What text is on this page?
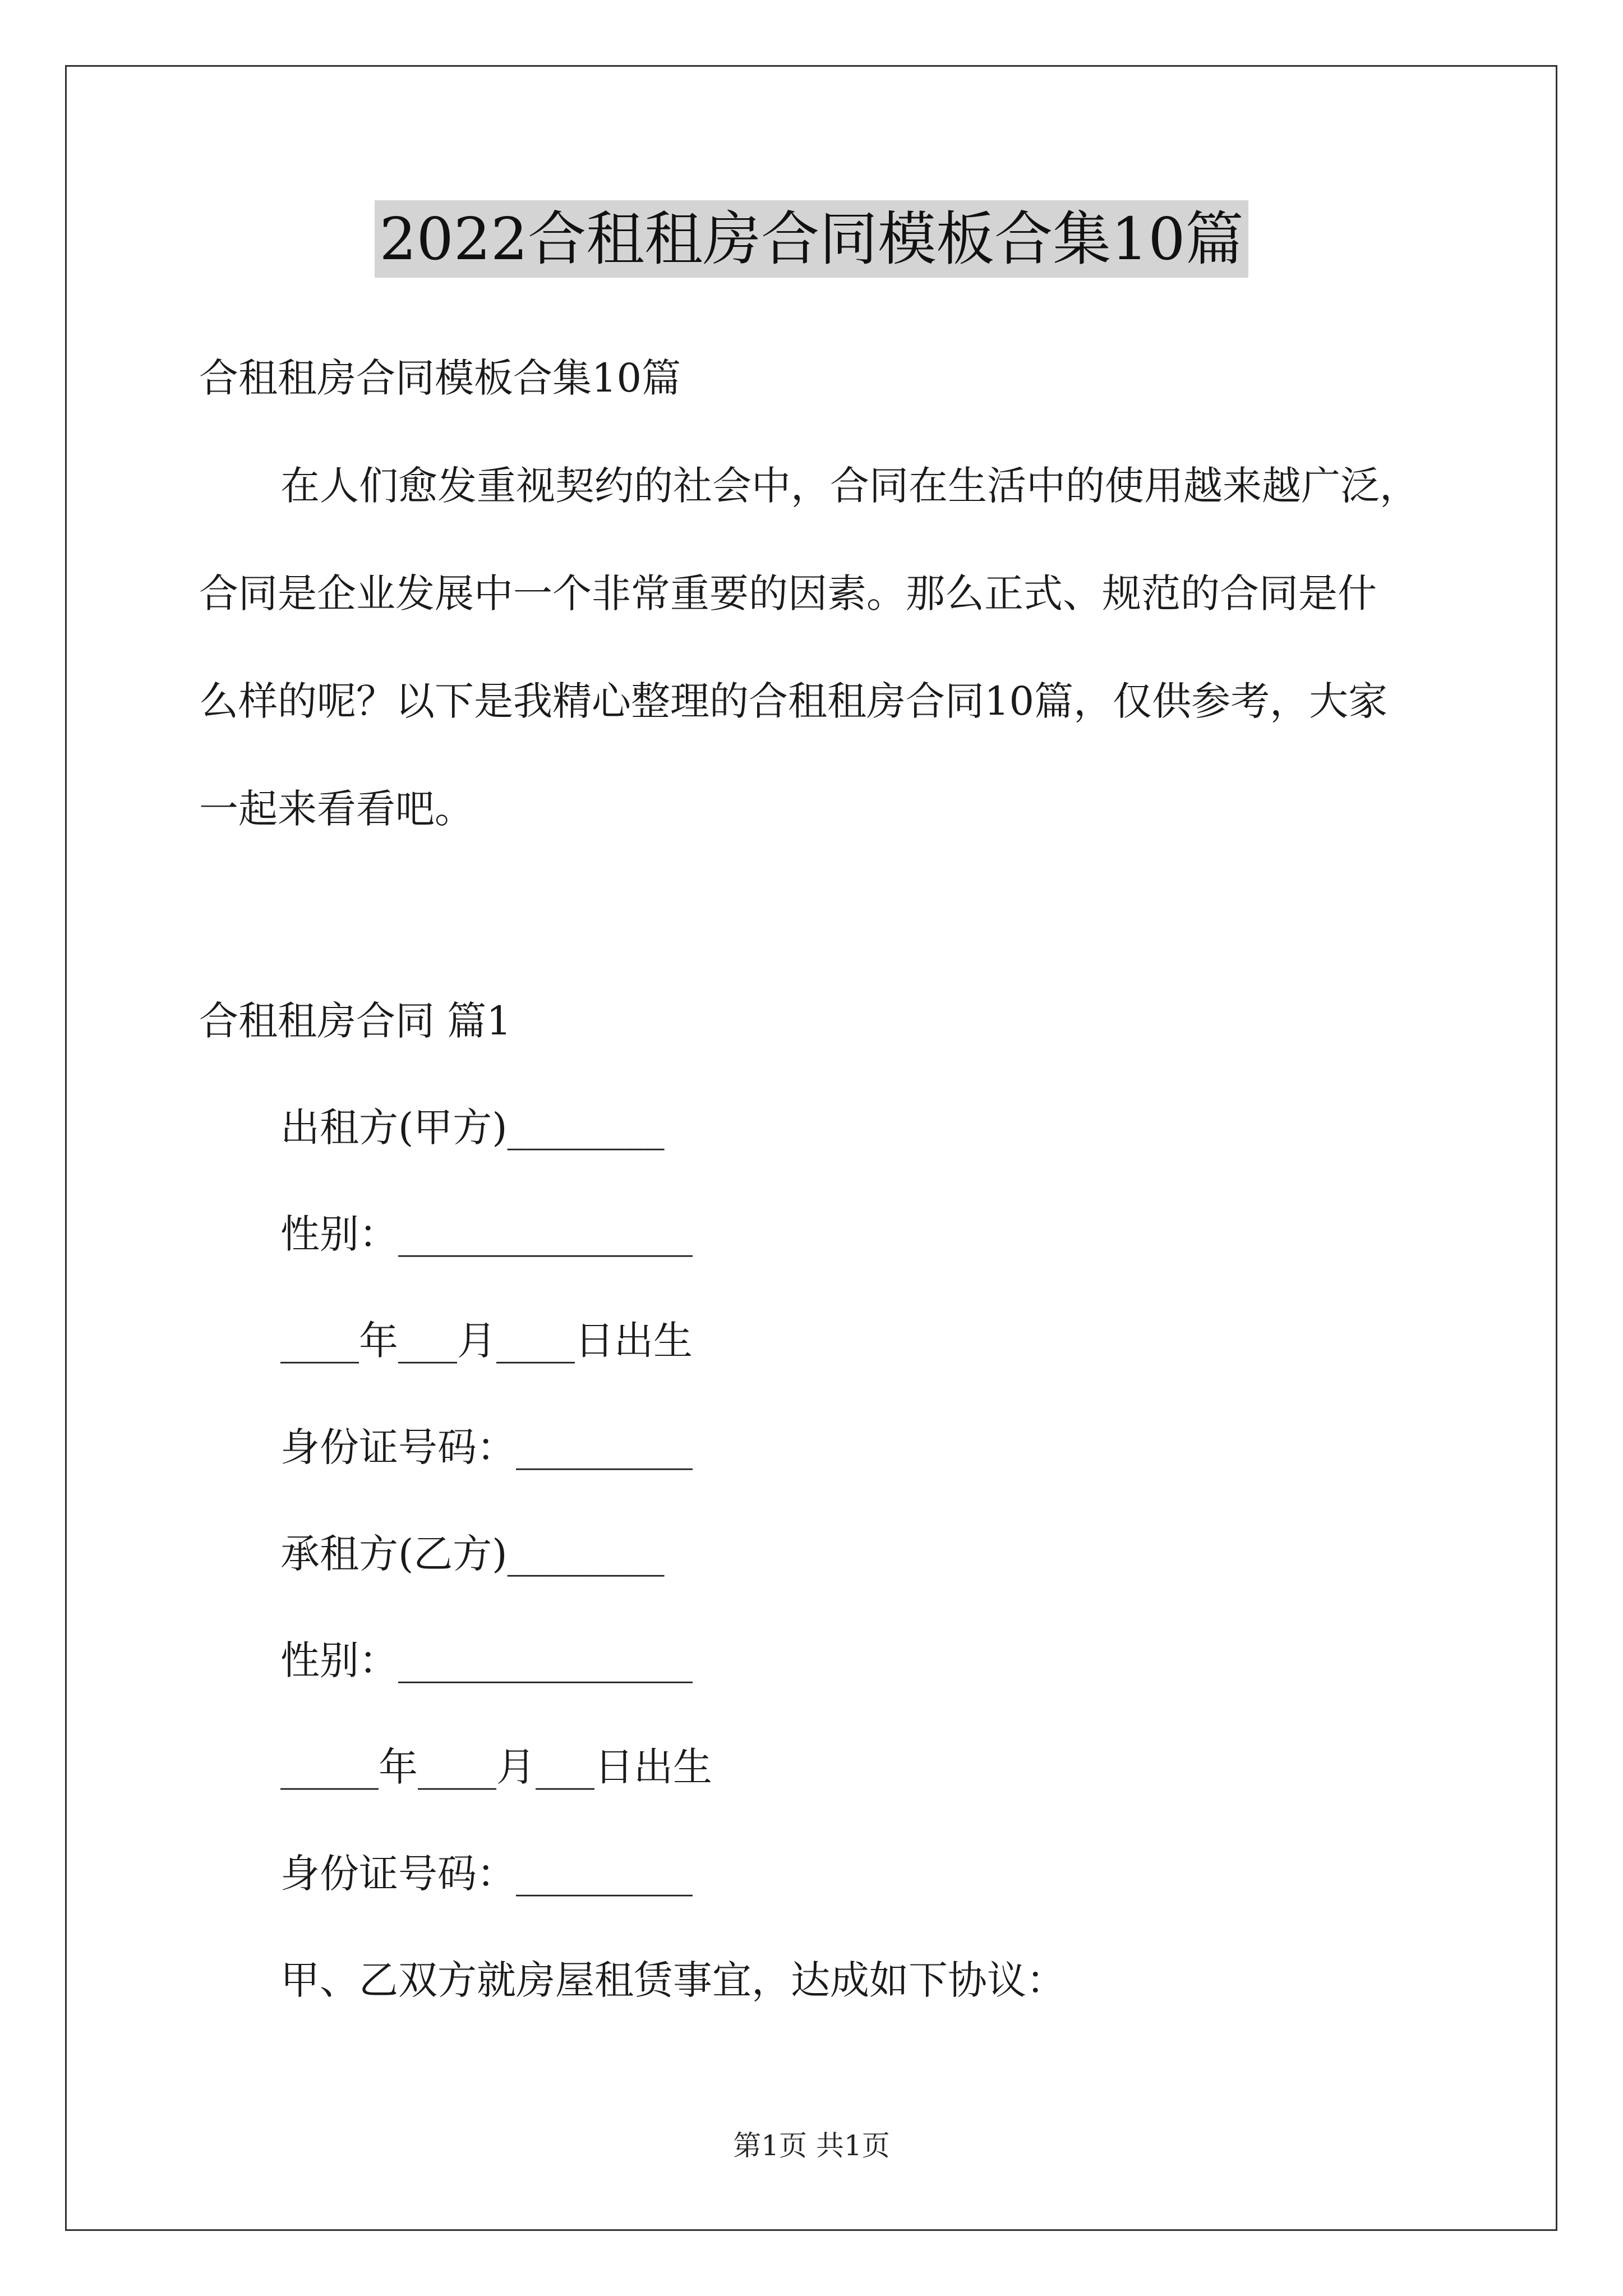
2022合租租房合同模板合集10篇
合租租房合同模板合集10篇
在人们愈发重视契约的社会中，合同在生活中的使用越来越广泛，
合同是企业发展中一个非常重要的因素。那么正式、规范的合同是什
么样的呢？以下是我精心整理的合租租房合同10篇，仅供参考，大家
一起来看看吧。
合租租房合同 篇1
出租方(甲方)________
性别：_______________
____年___月____日出生
身份证号码：_________
承租方(乙方)________
性别：_______________
_____年____月___日出生
身份证号码：_________
甲、乙双方就房屋租赁事宜，达成如下协议：
第1页 共1页
